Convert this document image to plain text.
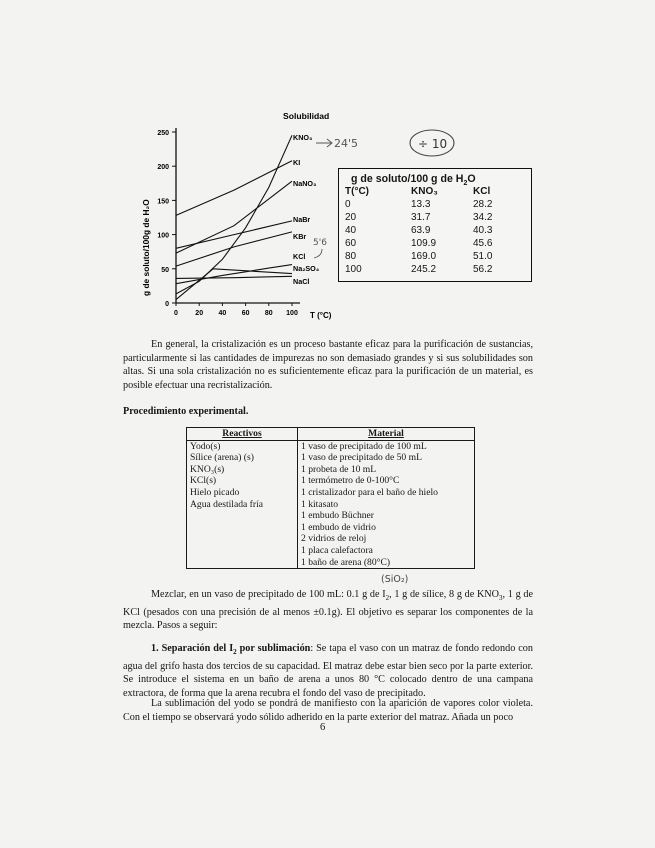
0
50
100
150
200
250
0 20 40 60 80 100
KNO₃
KI
NaNO₃
NaBr
KBr
KCl
Na₂SO₄
NaCl
Solubilidad
T (°C)
g de soluto/100g de H₂O
24'5	÷ 10
5'6
(SiO₂)
g de soluto/100 g de $H_2O$
T(°C)	KNO₃	KCl
0	13.3	28.2
20	31.7	34.2
40	63.9	40.3
60	109.9	45.6
80	169.0	51.0
100	245.2	56.2

En general, la cristalización es un proceso bastante eficaz para la purificación de sustancias, particularmente si las cantidades de impurezas no son demasiado grandes y si sus solubilidades son altas. Si una sola cristalización no es suficientemente eficaz para la purificación de un material, es posible efectuar una recristalización.

Procedimiento experimental.

Reactivos	Material
Yodo(s)	1 vaso de precipitado de 100 mL
Sílice (arena) (s)	1 vaso de precipitado de 50 mL
KNO₃(s)	1 probeta de 10 mL
KCl(s)	1 termómetro de 0-100°C
Hielo picado	1 cristalizador para el baño de hielo
Agua destilada fría	1 kitasato
	1 embudo Büchner
	1 embudo de vidrio
	2 vidrios de reloj
	1 placa calefactora
	1 baño de arena (80°C)

Mezclar, en un vaso de precipitado de 100 mL: 0.1 g de $I_2$, 1 g de sílice, 8 g de $KNO_3$, 1 g de KCl (pesados con una precisión de al menos ±0.1g). El objetivo es separar los componentes de la mezcla. Pasos a seguir:

1. Separación del $I_2$ por sublimación: Se tapa el vaso con un matraz de fondo redondo con agua del grifo hasta dos tercios de su capacidad. El matraz debe estar bien seco por la parte exterior. Se introduce el sistema en un baño de arena a unos 80 °C colocado dentro de una campana extractora, de forma que la arena recubra el fondo del vaso de precipitado.

La sublimación del yodo se pondrá de manifiesto con la aparición de vapores color violeta. Con el tiempo se observará yodo sólido adherido en la parte exterior del matraz. Añada un poco

6
